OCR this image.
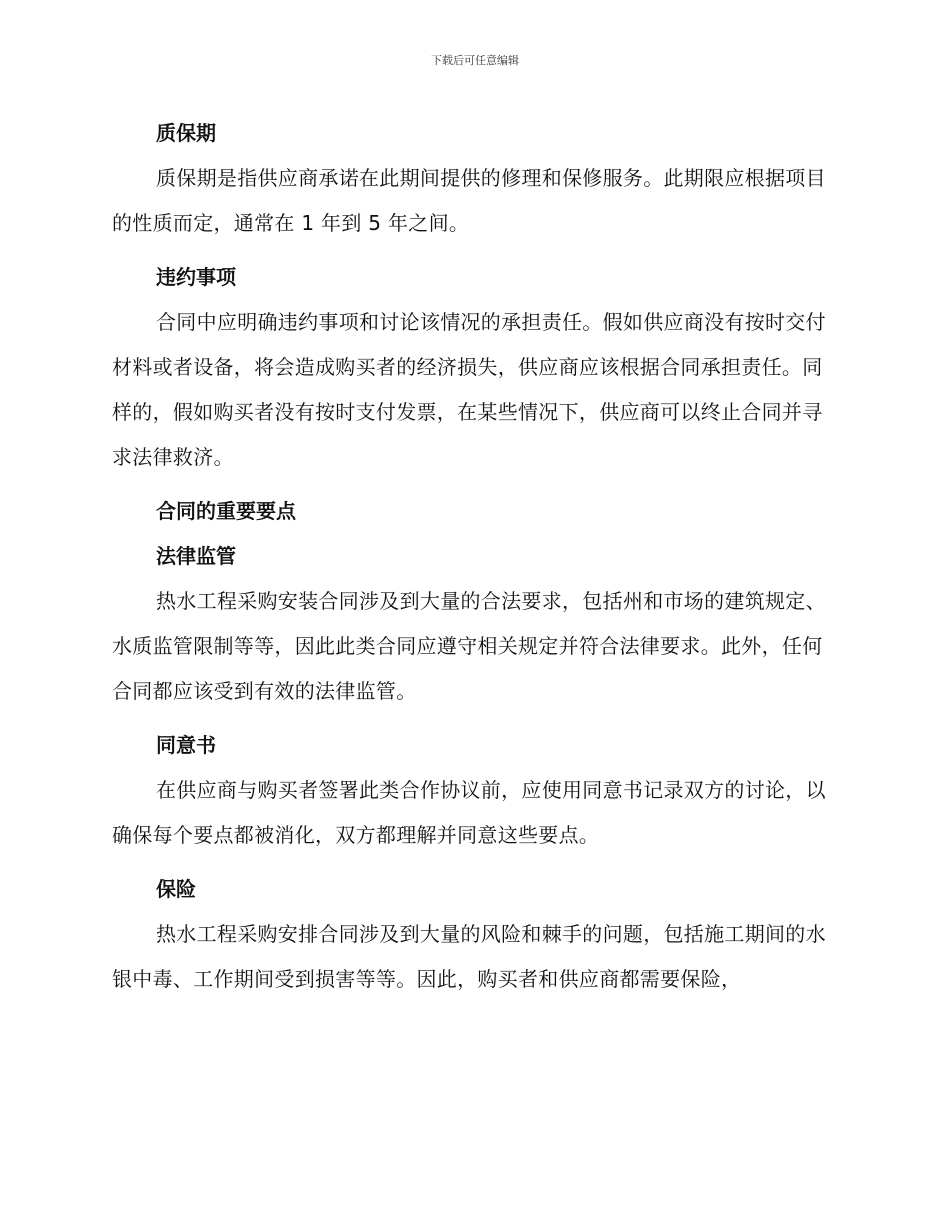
下载后可任意编辑
质保期

质保期是指供应商承诺在此期间提供的修理和保修服务。此期限应根据项目的性质而定，通常在 1 年到 5 年之间。

违约事项

合同中应明确违约事项和讨论该情况的承担责任。假如供应商没有按时交付材料或者设备，将会造成购买者的经济损失，供应商应该根据合同承担责任。同样的，假如购买者没有按时支付发票，在某些情况下，供应商可以终止合同并寻求法律救济。

合同的重要要点
法律监管

热水工程采购安装合同涉及到大量的合法要求，包括州和市场的建筑规定、水质监管限制等等，因此此类合同应遵守相关规定并符合法律要求。此外，任何合同都应该受到有效的法律监管。

同意书

在供应商与购买者签署此类合作协议前，应使用同意书记录双方的讨论，以确保每个要点都被消化，双方都理解并同意这些要点。

保险

热水工程采购安排合同涉及到大量的风险和棘手的问题，包括施工期间的水银中毒、工作期间受到损害等等。因此，购买者和供应商都需要保险，
